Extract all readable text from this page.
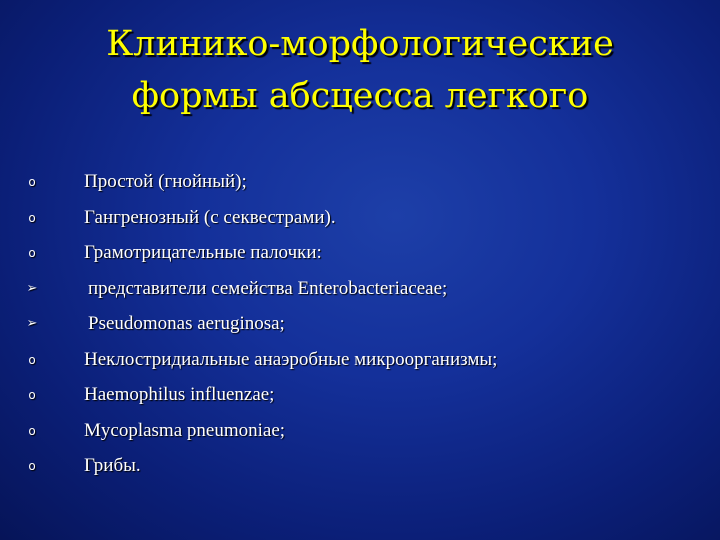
Клинико-морфологические
формы абсцесса легкого
o	Простой (гнойный);
o	Гангренозный (с секвестрами).
o	Грамотрицательные палочки:
➢	представители семейства Enterobacteriaceae;
➢	Pseudomonas aeruginosa;
o	Неклостридиальные анаэробные микроорганизмы;
o	Haemophilus influenzae;
o	Mycoplasma pneumoniae;
o	Грибы.
